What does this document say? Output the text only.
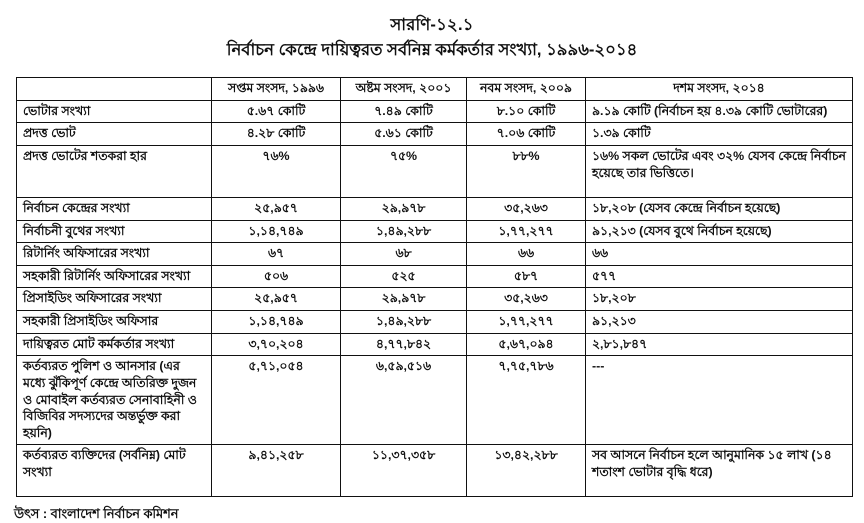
সারণি-১২.১
নির্বাচন কেন্দ্রে দায়িত্বরত সর্বনিম্ন কর্মকর্তার সংখ্যা, ১৯৯৬-২০১৪
	সপ্তম সংসদ, ১৯৯৬	অষ্টম সংসদ, ২০০১	নবম সংসদ, ২০০৯	দশম সংসদ, ২০১৪
ভোটার সংখ্যা	৫.৬৭ কোটি	৭.৪৯ কোটি	৮.১০ কোটি	৯.১৯ কোটি (নির্বাচন হয় ৪.৩৯ কোটি ভোটারের)
প্রদত্ত ভোট	৪.২৮ কোটি	৫.৬১ কোটি	৭.০৬ কোটি	১.৩৯ কোটি
প্রদত্ত ভোটের শতকরা হার	৭৬%	৭৫%	৮৮%	১৬% সকল ভোটের এবং ৩২% যেসব কেন্দ্রে নির্বাচন হয়েছে তার ভিত্তিতে।
নির্বাচন কেন্দ্রের সংখ্যা	২৫,৯৫৭	২৯,৯৭৮	৩৫,২৬৩	১৮,২০৮ (যেসব কেন্দ্রে নির্বাচন হয়েছে)
নির্বাচনী বুথের সংখ্যা	১,১৪,৭৪৯	১,৪৯,২৮৮	১,৭৭,২৭৭	৯১,২১৩ (যেসব বুথে নির্বাচন হয়েছে)
রিটার্নিং অফিসারের সংখ্যা	৬৭	৬৮	৬৬	৬৬
সহকারী রিটার্নিং অফিসারের সংখ্যা	৫০৬	৫২৫	৫৮৭	৫৭৭
প্রিসাইডিং অফিসারের সংখ্যা	২৫,৯৫৭	২৯,৯৭৮	৩৫,২৬৩	১৮,২০৮
সহকারী প্রিসাইডিং অফিসার	১,১৪,৭৪৯	১,৪৯,২৮৮	১,৭৭,২৭৭	৯১,২১৩
দায়িত্বরত মোট কর্মকর্তার সংখ্যা	৩,৭০,২০৪	৪,৭৭,৮৪২	৫,৬৭,০৯৪	২,৮১,৮৪৭
কর্তব্যরত পুলিশ ও আনসার (এর মধ্যে ঝুঁকিপূর্ণ কেন্দ্রে অতিরিক্ত দুজন ও মোবাইল কর্তব্যরত সেনাবাহিনী ও বিজিবির সদস্যদের অন্তর্ভুক্ত করা হয়নি)	৫,৭১,০৫৪	৬,৫৯,৫১৬	৭,৭৫,৭৮৬	---
কর্তব্যরত ব্যক্তিদের (সর্বনিম্ন) মোট সংখ্যা	৯,৪১,২৫৮	১১,৩৭,৩৫৮	১৩,৪২,২৮৮	সব আসনে নির্বাচন হলে আনুমানিক ১৫ লাখ (১৪ শতাংশ ভোটার বৃদ্ধি ধরে)
উৎস : বাংলাদেশ নির্বাচন কমিশন
